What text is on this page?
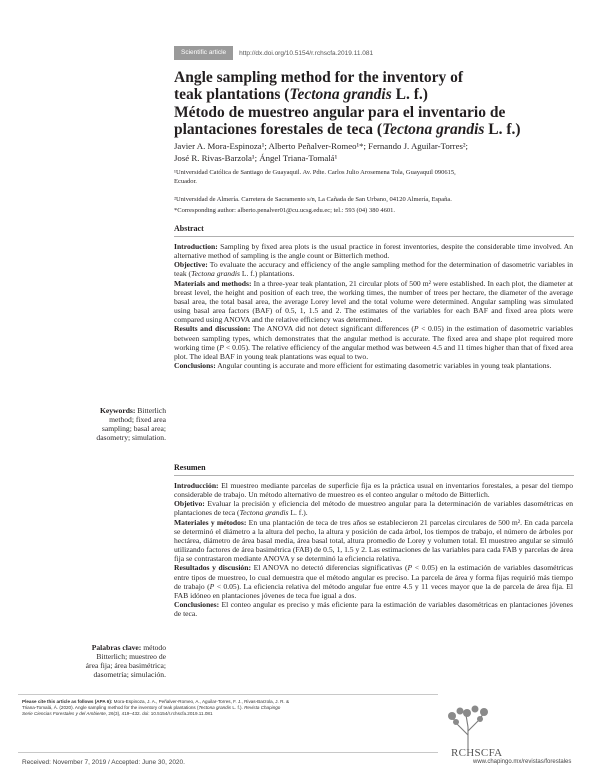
Scientific article	http://dx.doi.org/10.5154/r.rchscfa.2019.11.081
Angle sampling method for the inventory of
teak plantations (Tectona grandis L. f.)
Método de muestreo angular para el inventario de
plantaciones forestales de teca (Tectona grandis L. f.)
Javier A. Mora-Espinoza¹; Alberto Peñalver-Romeo¹*; Fernando J. Aguilar-Torres²;
José R. Rivas-Barzola¹; Ángel Triana-Tomalá¹
¹Universidad Católica de Santiago de Guayaquil. Av. Pdte. Carlos Julio Arosemena Tola, Guayaquil 090615,
Ecuador.
²Universidad de Almería. Carretera de Sacramento s/n, La Cañada de San Urbano, 04120 Almería, España.
*Corresponding author: alberto.penalver01@cu.ucsg.edu.ec; tel.: 593 (04) 380 4601.
Abstract

Introduction: Sampling by fixed area plots is the usual practice in forest inventories, despite the considerable time involved. An alternative method of sampling is the angle count or Bitterlich method.

Objective: To evaluate the accuracy and efficiency of the angle sampling method for the determination of dasometric variables in teak (Tectona grandis L. f.) plantations.

Materials and methods: In a three-year teak plantation, 21 circular plots of 500 m² were established. In each plot, the diameter at breast level, the height and position of each tree, the working times, the number of trees per hectare, the diameter of the average basal area, the total basal area, the average Lorey level and the total volume were determined. Angular sampling was simulated using basal area factors (BAF) of 0.5, 1, 1.5 and 2. The estimates of the variables for each BAF and fixed area plots were compared using ANOVA and the relative efficiency was determined.

Results and discussion: The ANOVA did not detect significant differences (P < 0.05) in the estimation of dasometric variables between sampling types, which demonstrates that the angular method is accurate. The fixed area and shape plot required more working time (P < 0.05). The relative efficiency of the angular method was between 4.5 and 11 times higher than that of fixed area plot. The ideal BAF in young teak plantations was equal to two.

Conclusions: Angular counting is accurate and more efficient for estimating dasometric variables in young teak plantations.

Keywords: Bitterlich
method; fixed area
sampling; basal area;
dasometry; simulation.
Resumen

Introducción: El muestreo mediante parcelas de superficie fija es la práctica usual en inventarios forestales, a pesar del tiempo considerable de trabajo. Un método alternativo de muestreo es el conteo angular o método de Bitterlich.

Objetivo: Evaluar la precisión y eficiencia del método de muestreo angular para la determinación de variables dasométricas en plantaciones de teca (Tectona grandis L. f.).

Materiales y métodos: En una plantación de teca de tres años se establecieron 21 parcelas circulares de 500 m². En cada parcela se determinó el diámetro a la altura del pecho, la altura y posición de cada árbol, los tiempos de trabajo, el número de árboles por hectárea, diámetro de área basal media, área basal total, altura promedio de Lorey y volumen total. El muestreo angular se simuló utilizando factores de área basimétrica (FAB) de 0.5, 1, 1.5 y 2. Las estimaciones de las variables para cada FAB y parcelas de área fija se contrastaron mediante ANOVA y se determinó la eficiencia relativa.

Resultados y discusión: El ANOVA no detectó diferencias significativas (P < 0.05) en la estimación de variables dasométricas entre tipos de muestreo, lo cual demuestra que el método angular es preciso. La parcela de área y forma fijas requirió más tiempo de trabajo (P < 0.05). La eficiencia relativa del método angular fue entre 4.5 y 11 veces mayor que la de parcela de área fija. El FAB idóneo en plantaciones jóvenes de teca fue igual a dos.

Conclusiones: El conteo angular es preciso y más eficiente para la estimación de variables dasométricas en plantaciones jóvenes de teca.

Palabras clave: método
Bitterlich; muestreo de
área fija; área basimétrica;
dasometría; simulación.
Please cite this article as follows (APA 6): Mora-Espinoza, J. A., Peñalver-Romeo, A., Aguilar-Torres, F. J., Rivas-Barzola, J. R. &
Triana-Tomalá, Á. (2020). Angle sampling method for the inventory of teak plantations (Tectona grandis L. f.). Revista Chapingo
Serie Ciencias Forestales y del Ambiente, 26(3), 419–432. doi: 10.5154/r.rchscfa.2019.11.081
RCHSCFA
Received: November 7, 2019 / Accepted: June 30, 2020.	www.chapingo.mx/revistas/forestales
